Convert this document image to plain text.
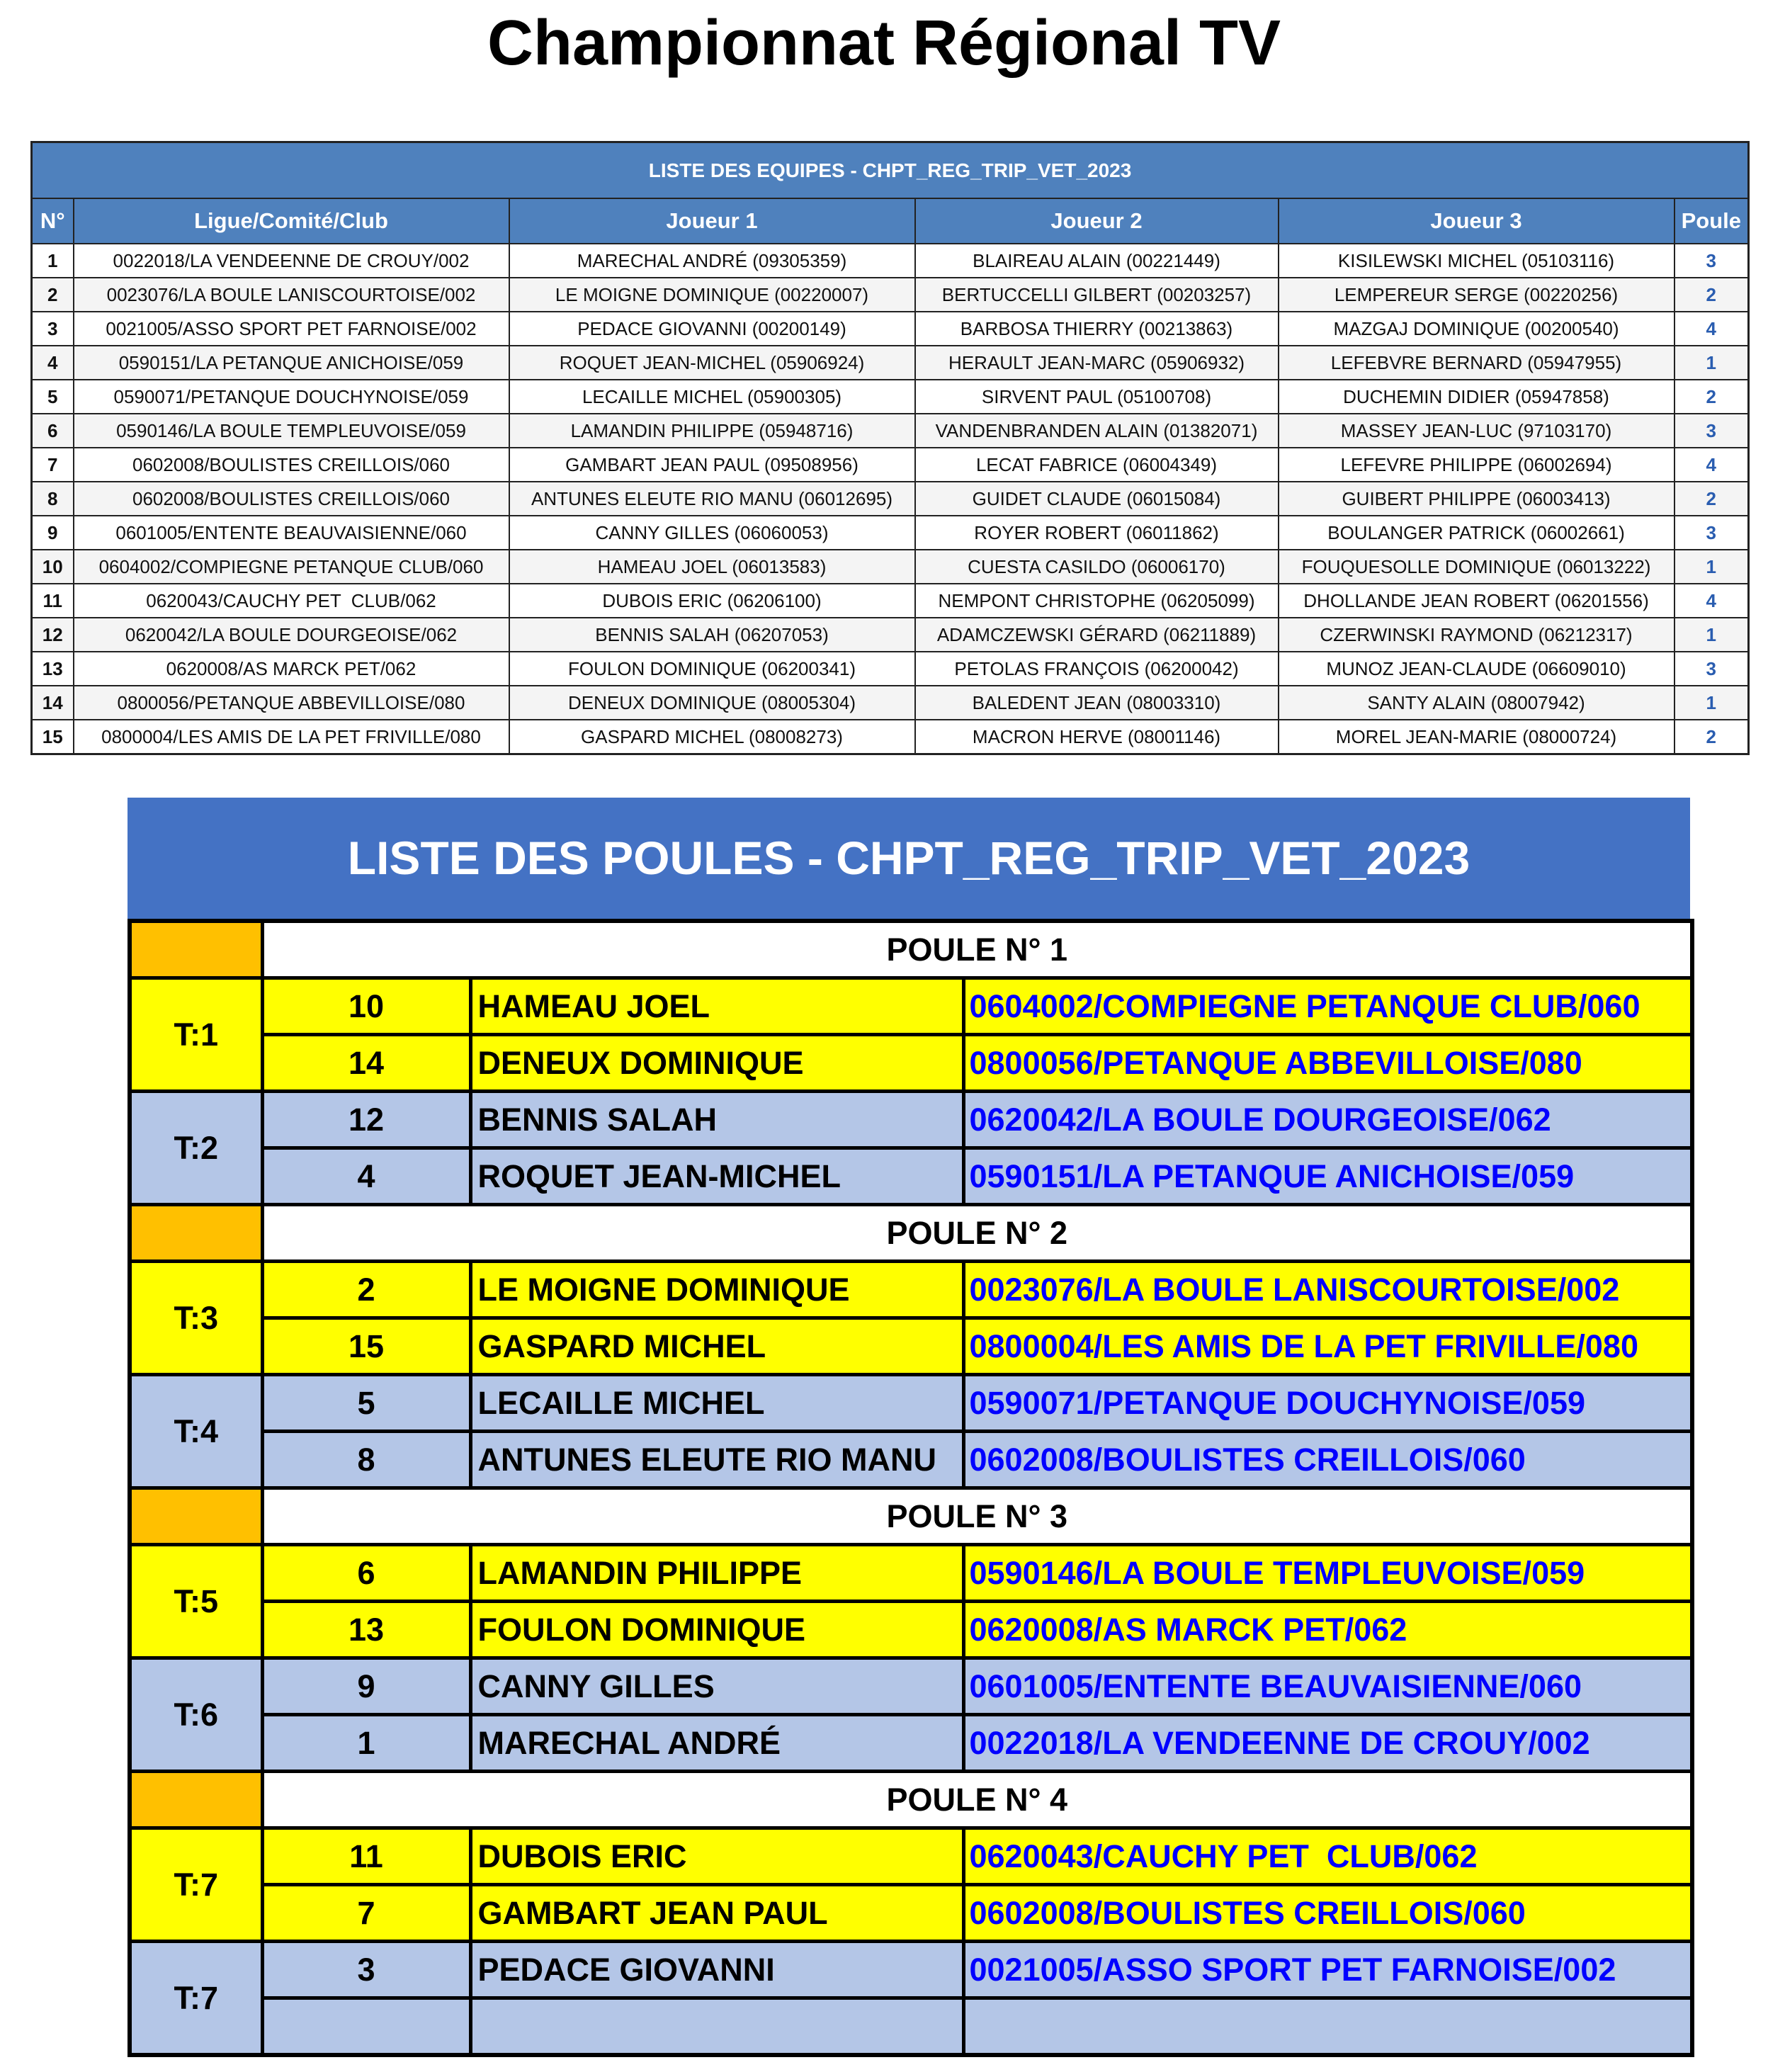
Championnat Régional TV
LISTE DES EQUIPES - CHPT_REG_TRIP_VET_2023					
N°	Ligue/Comité/Club	Joueur 1	Joueur 2	Joueur 3	Poule
1	0022018/LA VENDEENNE DE CROUY/002	MARECHAL ANDRÉ (09305359)	BLAIREAU ALAIN (00221449)	KISILEWSKI MICHEL (05103116)	3
2	0023076/LA BOULE LANISCOURTOISE/002	LE MOIGNE DOMINIQUE (00220007)	BERTUCCELLI GILBERT (00203257)	LEMPEREUR SERGE (00220256)	2
3	0021005/ASSO SPORT PET FARNOISE/002	PEDACE GIOVANNI (00200149)	BARBOSA THIERRY (00213863)	MAZGAJ DOMINIQUE (00200540)	4
4	0590151/LA PETANQUE ANICHOISE/059	ROQUET JEAN-MICHEL (05906924)	HERAULT JEAN-MARC (05906932)	LEFEBVRE BERNARD (05947955)	1
5	0590071/PETANQUE DOUCHYNOISE/059	LECAILLE MICHEL (05900305)	SIRVENT PAUL (05100708)	DUCHEMIN DIDIER (05947858)	2
6	0590146/LA BOULE TEMPLEUVOISE/059	LAMANDIN PHILIPPE (05948716)	VANDENBRANDEN ALAIN (01382071)	MASSEY JEAN-LUC (97103170)	3
7	0602008/BOULISTES CREILLOIS/060	GAMBART JEAN PAUL (09508956)	LECAT FABRICE (06004349)	LEFEVRE PHILIPPE (06002694)	4
8	0602008/BOULISTES CREILLOIS/060	ANTUNES ELEUTE RIO MANU (06012695)	GUIDET CLAUDE (06015084)	GUIBERT PHILIPPE (06003413)	2
9	0601005/ENTENTE BEAUVAISIENNE/060	CANNY GILLES (06060053)	ROYER ROBERT (06011862)	BOULANGER PATRICK (06002661)	3
10	0604002/COMPIEGNE PETANQUE CLUB/060	HAMEAU JOEL (06013583)	CUESTA CASILDO (06006170)	FOUQUESOLLE DOMINIQUE (06013222)	1
11	0620043/CAUCHY PET  CLUB/062	DUBOIS ERIC (06206100)	NEMPONT CHRISTOPHE (06205099)	DHOLLANDE JEAN ROBERT (06201556)	4
12	0620042/LA BOULE DOURGEOISE/062	BENNIS SALAH (06207053)	ADAMCZEWSKI GÉRARD (06211889)	CZERWINSKI RAYMOND (06212317)	1
13	0620008/AS MARCK PET/062	FOULON DOMINIQUE (06200341)	PETOLAS FRANÇOIS (06200042)	MUNOZ JEAN-CLAUDE (06609010)	3
14	0800056/PETANQUE ABBEVILLOISE/080	DENEUX DOMINIQUE (08005304)	BALEDENT JEAN (08003310)	SANTY ALAIN (08007942)	1
15	0800004/LES AMIS DE LA PET FRIVILLE/080	GASPARD MICHEL (08008273)	MACRON HERVE (08001146)	MOREL JEAN-MARIE (08000724)	2
LISTE DES POULES - CHPT_REG_TRIP_VET_2023
	POULE N° 1		
T:1	10	HAMEAU JOEL	0604002/COMPIEGNE PETANQUE CLUB/060
	14	DENEUX DOMINIQUE	0800056/PETANQUE ABBEVILLOISE/080
T:2	12	BENNIS SALAH	0620042/LA BOULE DOURGEOISE/062
	4	ROQUET JEAN-MICHEL	0590151/LA PETANQUE ANICHOISE/059
	POULE N° 2		
T:3	2	LE MOIGNE DOMINIQUE	0023076/LA BOULE LANISCOURTOISE/002
	15	GASPARD MICHEL	0800004/LES AMIS DE LA PET FRIVILLE/080
T:4	5	LECAILLE MICHEL	0590071/PETANQUE DOUCHYNOISE/059
	8	ANTUNES ELEUTE RIO MANU	0602008/BOULISTES CREILLOIS/060
	POULE N° 3		
T:5	6	LAMANDIN PHILIPPE	0590146/LA BOULE TEMPLEUVOISE/059
	13	FOULON DOMINIQUE	0620008/AS MARCK PET/062
T:6	9	CANNY GILLES	0601005/ENTENTE BEAUVAISIENNE/060
	1	MARECHAL ANDRÉ	0022018/LA VENDEENNE DE CROUY/002
	POULE N° 4		
T:7	11	DUBOIS ERIC	0620043/CAUCHY PET  CLUB/062
	7	GAMBART JEAN PAUL	0602008/BOULISTES CREILLOIS/060
T:7	3	PEDACE GIOVANNI	0021005/ASSO SPORT PET FARNOISE/002
